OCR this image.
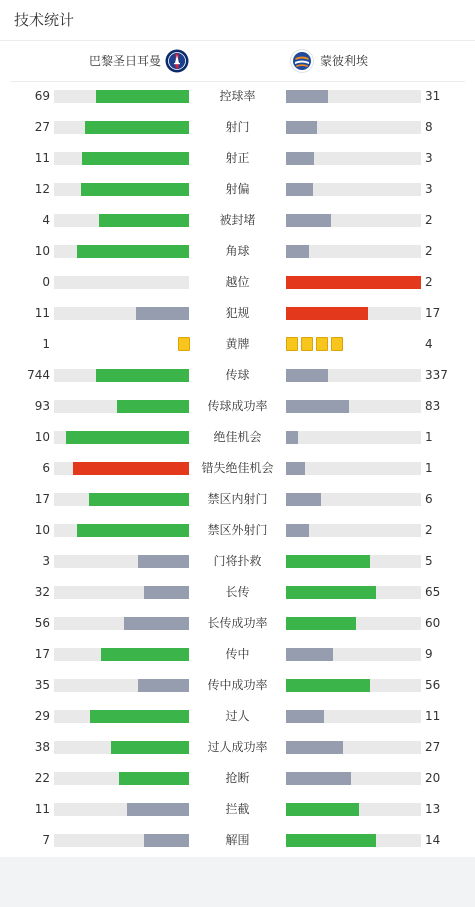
技术统计
巴黎圣日耳曼	蒙彼利埃
69	控球率	31
27	射门	8
11	射正	3
12	射偏	3
4	被封堵	2
10	角球	2
0	越位	2
11	犯规	17
1	黄牌	4
744	传球	337
93	传球成功率	83
10	绝佳机会	1
6	错失绝佳机会	1
17	禁区内射门	6
10	禁区外射门	2
3	门将扑救	5
32	长传	65
56	长传成功率	60
17	传中	9
35	传中成功率	56
29	过人	11
38	过人成功率	27
22	抢断	20
11	拦截	13
7	解围	14
